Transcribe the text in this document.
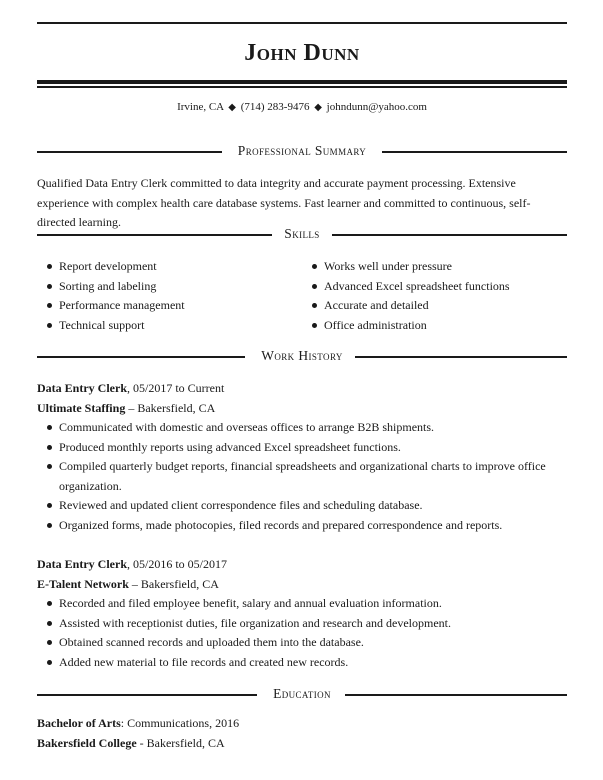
John Dunn
Irvine, CA ◆ (714) 283-9476 ◆ johndunn@yahoo.com
Professional Summary
Qualified Data Entry Clerk committed to data integrity and accurate payment processing. Extensive experience with complex health care database systems. Fast learner and committed to continuous, self-directed learning.
Skills
Report development
Sorting and labeling
Performance management
Technical support
Works well under pressure
Advanced Excel spreadsheet functions
Accurate and detailed
Office administration
Work History
Data Entry Clerk, 05/2017 to Current
Ultimate Staffing – Bakersfield, CA
Communicated with domestic and overseas offices to arrange B2B shipments.
Produced monthly reports using advanced Excel spreadsheet functions.
Compiled quarterly budget reports, financial spreadsheets and organizational charts to improve office organization.
Reviewed and updated client correspondence files and scheduling database.
Organized forms, made photocopies, filed records and prepared correspondence and reports.
Data Entry Clerk, 05/2016 to 05/2017
E-Talent Network – Bakersfield, CA
Recorded and filed employee benefit, salary and annual evaluation information.
Assisted with receptionist duties, file organization and research and development.
Obtained scanned records and uploaded them into the database.
Added new material to file records and created new records.
Education
Bachelor of Arts: Communications, 2016
Bakersfield College - Bakersfield, CA
